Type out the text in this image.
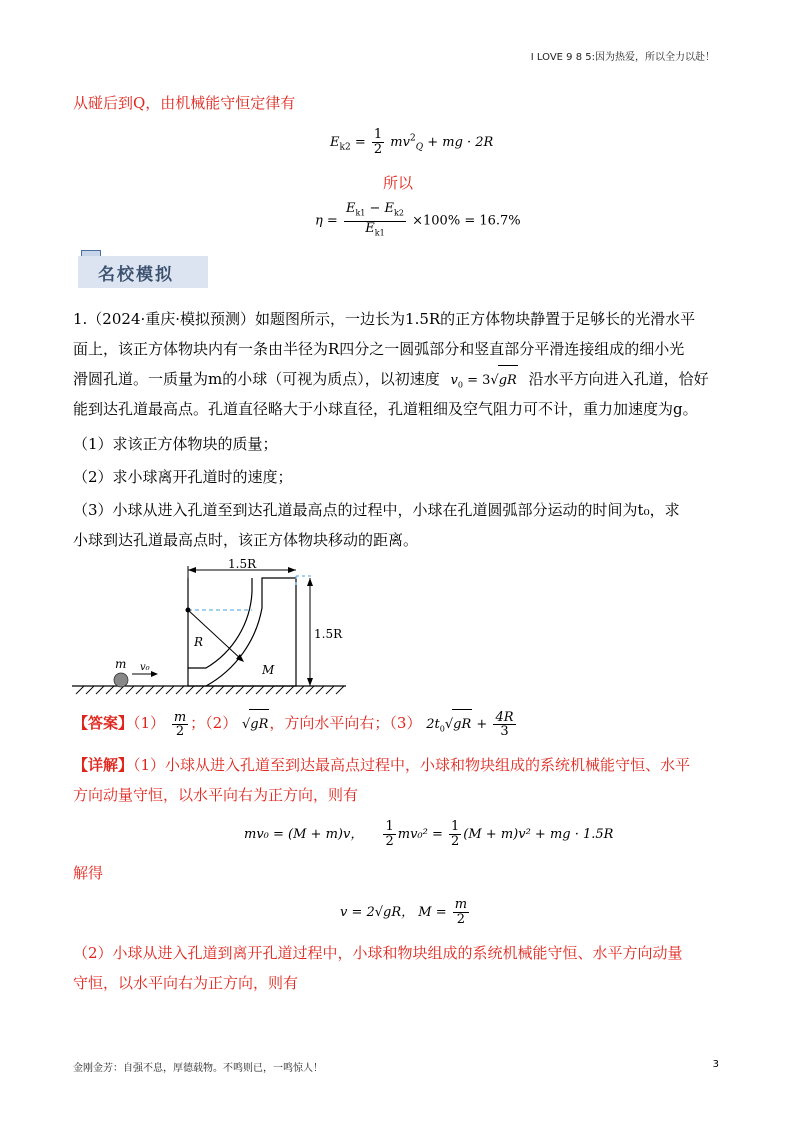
I LOVE 9 8 5:因为热爱，所以全力以赴！
从碰后到Q，由机械能守恒定律有
$E_{k2} = \frac{1}{2} mv^2_Q$ + mg · 2R
所以
$\eta = \frac{E_{k1} - E_{k2}}{E_{k1}} \times 100\% = 16.7\%$
名校模拟
1.（2024·重庆·模拟预测）如题图所示，一边长为1.5R的正方体物块静置于足够长的光滑水平
面上，该正方体物块内有一条由半径为R四分之一圆弧部分和竖直部分平滑连接组成的细小光
滑圆孔道。一质量为m的小球（可视为质点），以初速度 $v_0 = 3√gR$ 沿水平方向进入孔道，恰好
能到达孔道最高点。孔道直径略大于小球直径，孔道粗细及空气阻力可不计，重力加速度为g。
（1）求该正方体物块的质量；
（2）求小球离开孔道时的速度；
（3）小球从进入孔道至到达孔道最高点的过程中，小球在孔道圆弧部分运动的时间为t₀，求
小球到达孔道最高点时，该正方体物块移动的距离。
1.5R
1.5R
R
M
m v₀
【答案】$(1) \frac{m}{2}$ ；（2） √gR，方向水平向右；（3） $2t_0√gR + \frac{4R}{3}$
【详解】（1）小球从进入孔道至到达最高点过程中，小球和物块组成的系统机械能守恒、水平
方向动量守恒，以水平向右为正方向，则有
mv₀ = (M + m)v， $\frac{1}{2} mv_0^2 = \frac{1}{2} (M + m)v^2$ + mg · 1.5R
解得
v = 2√gR， $M = \frac{m}{2}$
（2）小球从进入孔道到离开孔道过程中，小球和物块组成的系统机械能守恒、水平方向动量
守恒，以水平向右为正方向，则有
金刚金芳：自强不息，厚德载物。不鸣则已，一鸣惊人！	3
